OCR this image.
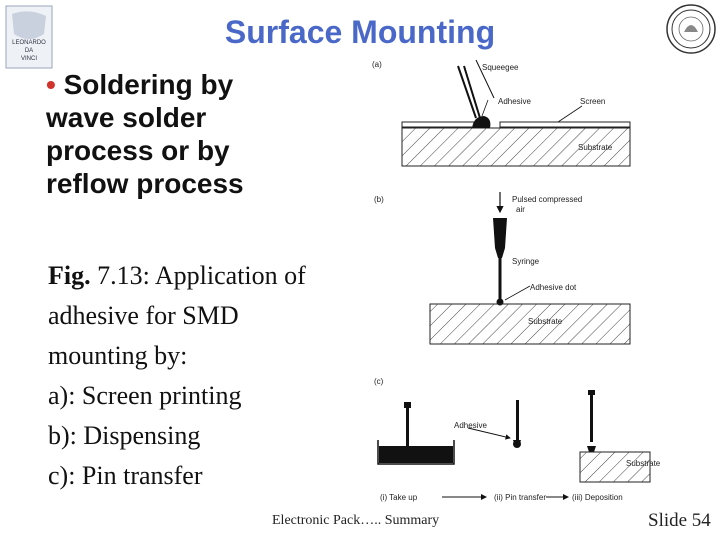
LEONARDO
DA
VINCI
Surface Mounting
• Soldering by
wave solder
process or by
reflow process
Fig. 7.13: Application of
adhesive for SMD
mounting by:
a): Screen printing
b): Dispensing
c): Pin transfer
(a)	Squeegee
Adhesive	Screen
Substrate
(b)	Pulsed compressed
air
Syringe
Adhesive dot
Substrate
(c)
Adhesive
Substrate
(i) Take up	(ii) Pin transfer	(iii) Deposition
Electronic Pack….. Summary	Slide 54
